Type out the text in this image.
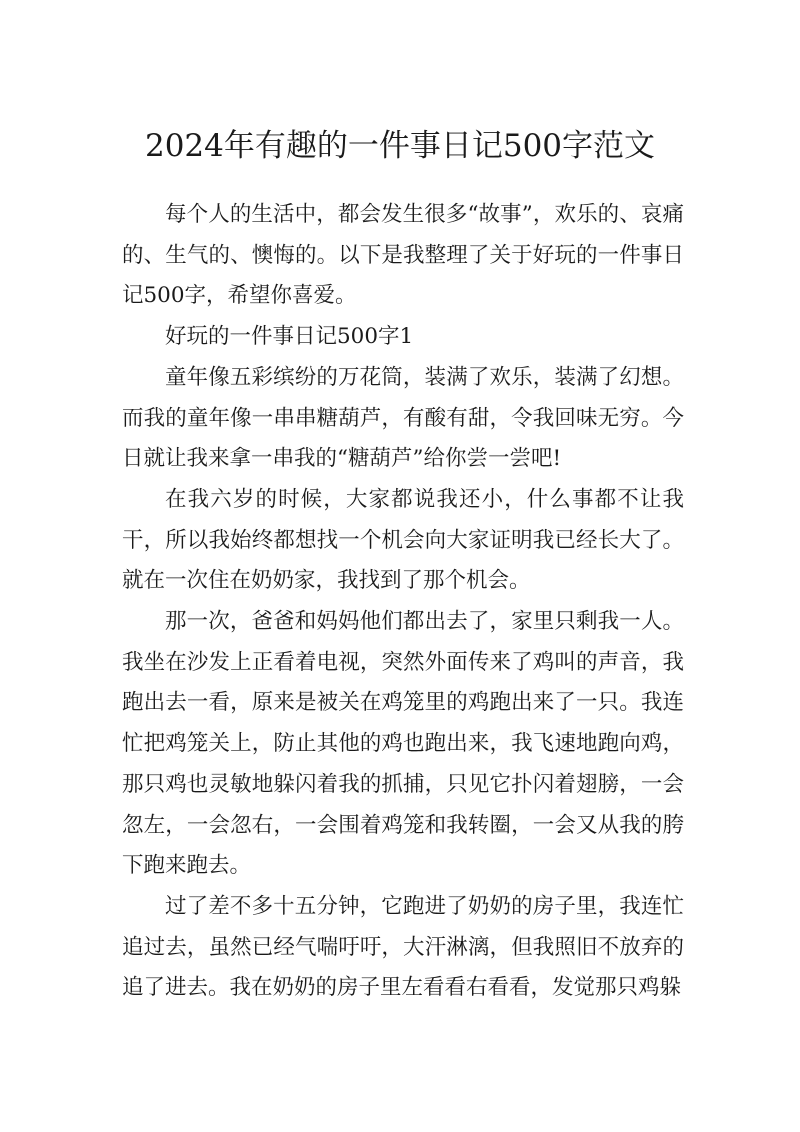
2024年有趣的一件事日记500字范文

每个人的生活中，都会发生很多“故事”，欢乐的、哀痛的、生气的、懊悔的。以下是我整理了关于好玩的一件事日记500字，希望你喜爱。

好玩的一件事日记500字1

童年像五彩缤纷的万花筒，装满了欢乐，装满了幻想。而我的童年像一串串糖葫芦，有酸有甜，令我回味无穷。今日就让我来拿一串我的“糖葫芦”给你尝一尝吧!

在我六岁的时候，大家都说我还小，什么事都不让我干，所以我始终都想找一个机会向大家证明我已经长大了。就在一次住在奶奶家，我找到了那个机会。

那一次，爸爸和妈妈他们都出去了，家里只剩我一人。我坐在沙发上正看着电视，突然外面传来了鸡叫的声音，我跑出去一看，原来是被关在鸡笼里的鸡跑出来了一只。我连忙把鸡笼关上，防止其他的鸡也跑出来，我飞速地跑向鸡，那只鸡也灵敏地躲闪着我的抓捕，只见它扑闪着翅膀，一会忽左，一会忽右，一会围着鸡笼和我转圈，一会又从我的胯下跑来跑去。

过了差不多十五分钟，它跑进了奶奶的房子里，我连忙追过去，虽然已经气喘吁吁，大汗淋漓，但我照旧不放弃的追了进去。我在奶奶的房子里左看看右看看，发觉那只鸡躲
